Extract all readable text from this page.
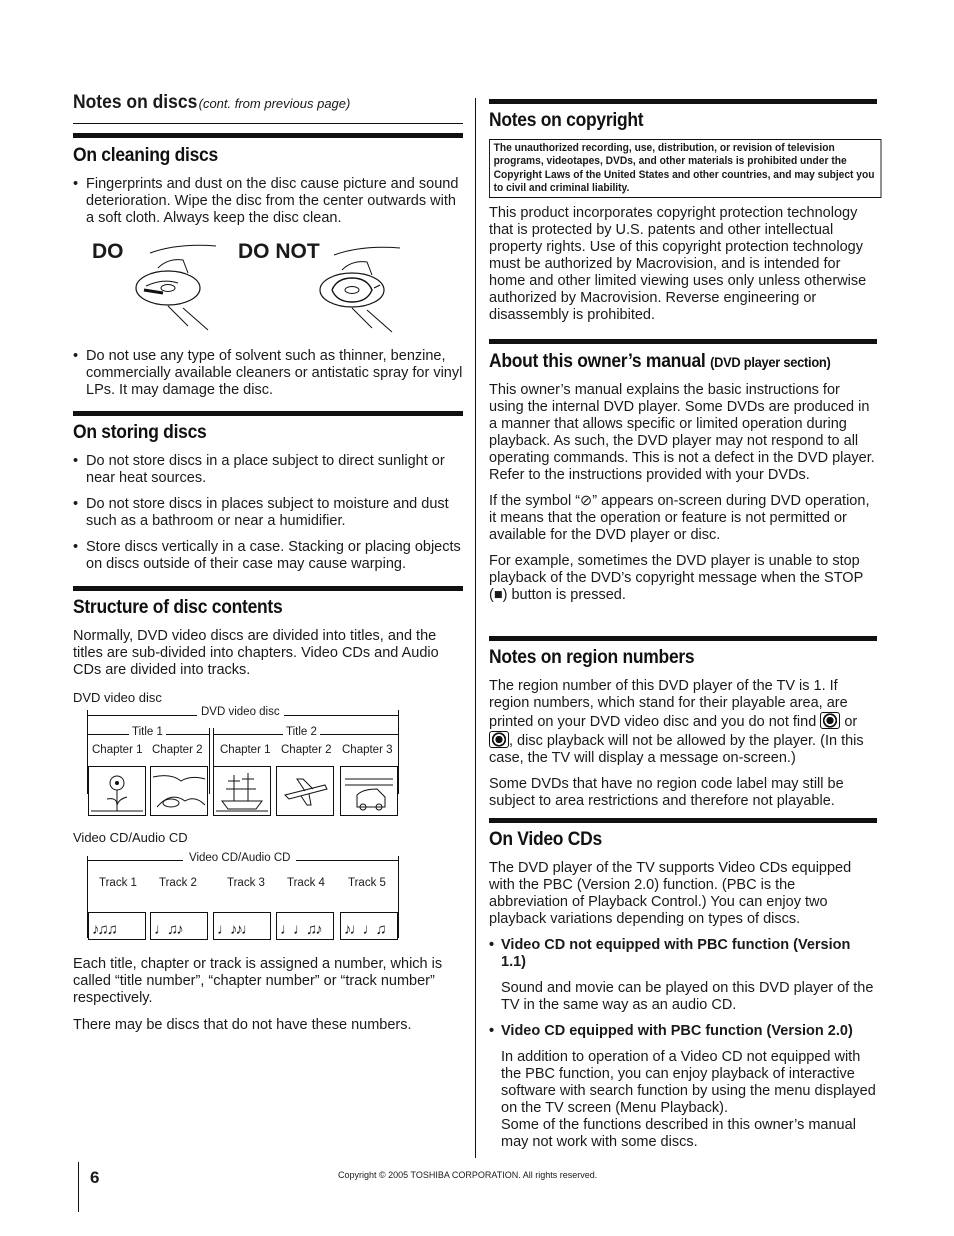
Notes on discs (cont. from previous page)
On cleaning discs
• Fingerprints and dust on the disc cause picture and sound deterioration. Wipe the disc from the center outwards with a soft cloth. Always keep the disc clean.
DO	DO NOT
• Do not use any type of solvent such as thinner, benzine, commercially available cleaners or antistatic spray for vinyl LPs. It may damage the disc.
On storing discs
• Do not store discs in a place subject to direct sunlight or near heat sources.
• Do not store discs in places subject to moisture and dust such as a bathroom or near a humidifier.
• Store discs vertically in a case. Stacking or placing objects on discs outside of their case may cause warping.
Structure of disc contents

Normally, DVD video discs are divided into titles, and the titles are sub-divided into chapters. Video CDs and Audio CDs are divided into tracks.

DVD video disc
DVD video disc
Title 1	Title 2
Chapter 1 Chapter 2 Chapter 1 Chapter 2 Chapter 3
Video CD/Audio CD
Video CD/Audio CD
Track 1 Track 2	Track 3 Track 4 Track 5
♪♫♫	♩♫♪ ♩♪♪♩ ♩♩♫♪ ♪♩♩♫

Each title, chapter or track is assigned a number, which is called “title number”, “chapter number” or “track number” respectively.

There may be discs that do not have these numbers.

Notes on copyright
The unauthorized recording, use, distribution, or revision of television programs, videotapes, DVDs, and other materials is prohibited under the Copyright Laws of the United States and other countries, and may subject you to civil and criminal liability.

This product incorporates copyright protection technology that is protected by U.S. patents and other intellectual property rights. Use of this copyright protection technology must be authorized by Macrovision, and is intended for home and other limited viewing uses only unless otherwise authorized by Macrovision. Reverse engineering or disassembly is prohibited.

About this owner’s manual (DVD player section)

This owner’s manual explains the basic instructions for using the internal DVD player. Some DVDs are produced in a manner that allows specific or limited operation during playback. As such, the DVD player may not respond to all operating commands. This is not a defect in the DVD player.

Refer to the instructions provided with your DVDs.

If the symbol “⊘” appears on-screen during DVD operation, it means that the operation or feature is not permitted or available for the DVD player or disc.

For example, sometimes the DVD player is unable to stop playback of the DVD’s copyright message when the STOP (■) button is pressed.

Notes on region numbers

The region number of this DVD player of the TV is 1. If region numbers, which stand for their playable area, are printed on your DVD video disc and you do not find or , disc playback will not be allowed by the player. (In this case, the TV will display a message on-screen.)

Some DVDs that have no region code label may still be subject to area restrictions and therefore not playable.

On Video CDs

The DVD player of the TV supports Video CDs equipped with the PBC (Version 2.0) function. (PBC is the abbreviation of Playback Control.) You can enjoy two playback variations depending on types of discs.

• Video CD not equipped with PBC function (Version 1.1)

Sound and movie can be played on this DVD player of the TV in the same way as an audio CD.

• Video CD equipped with PBC function (Version 2.0)

In addition to operation of a Video CD not equipped with the PBC function, you can enjoy playback of interactive software with search function by using the menu displayed on the TV screen (Menu Playback).

Some of the functions described in this owner’s manual may not work with some discs.

6	Copyright © 2005 TOSHIBA CORPORATION. All rights reserved.
